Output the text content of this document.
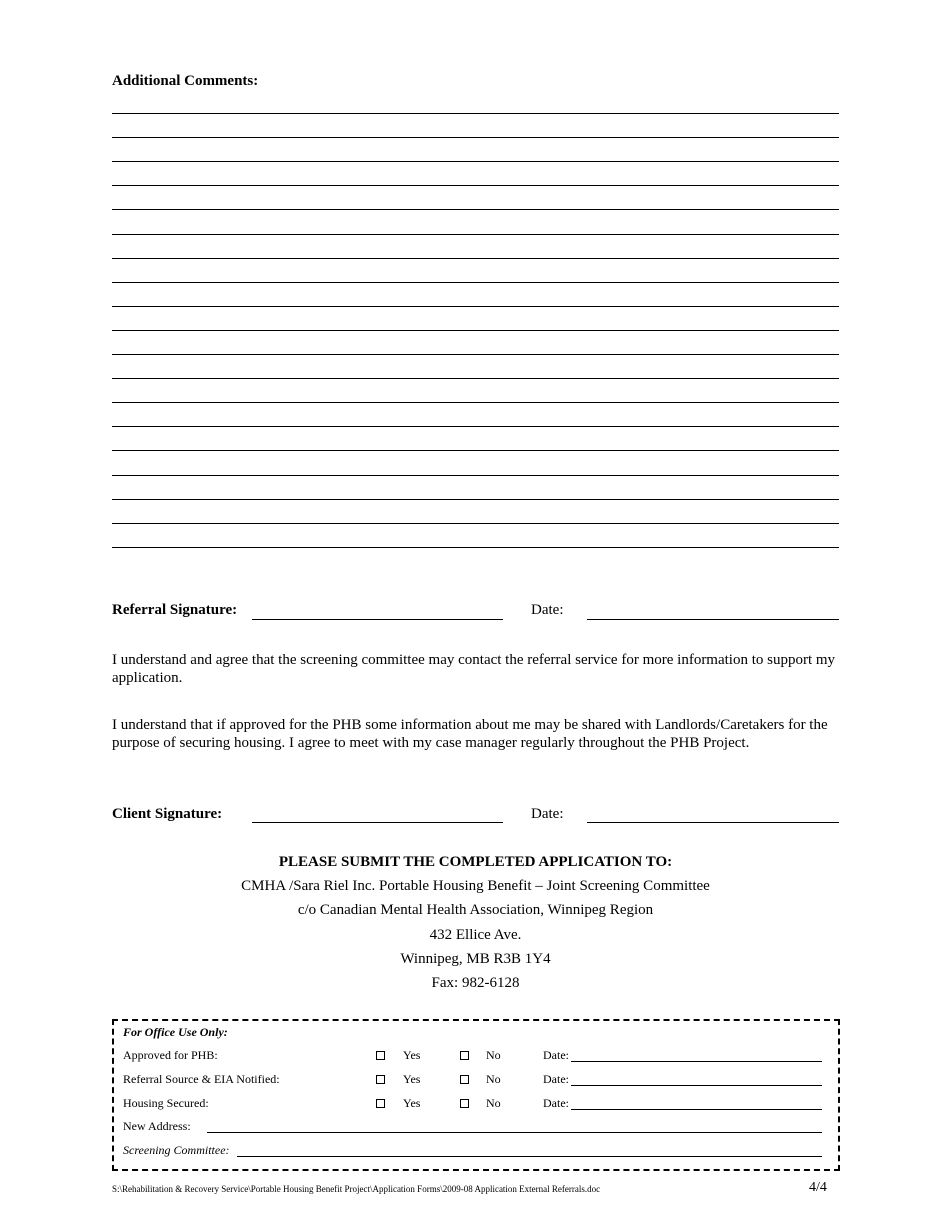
Additional Comments:
Referral Signature:	Date:
I understand and agree that the screening committee may contact the referral service for more information to support my application.
I understand that if approved for the PHB some information about me may be shared with Landlords/Caretakers for the purpose of securing housing. I agree to meet with my case manager regularly throughout the PHB Project.
Client Signature:	Date:
PLEASE SUBMIT THE COMPLETED APPLICATION TO:
CMHA /Sara Riel Inc. Portable Housing Benefit – Joint Screening Committee
c/o Canadian Mental Health Association, Winnipeg Region
432 Ellice Ave.
Winnipeg, MB R3B 1Y4
Fax: 982-6128
For Office Use Only:
Approved for PHB:	Yes	No	Date:
Referral Source & EIA Notified:	Yes	No	Date:
Housing Secured:	Yes	No	Date:
New Address:
Screening Committee:
S:\Rehabilitation & Recovery Service\Portable Housing Benefit Project\Application Forms\2009-08 Application External Referrals.doc	4/4
